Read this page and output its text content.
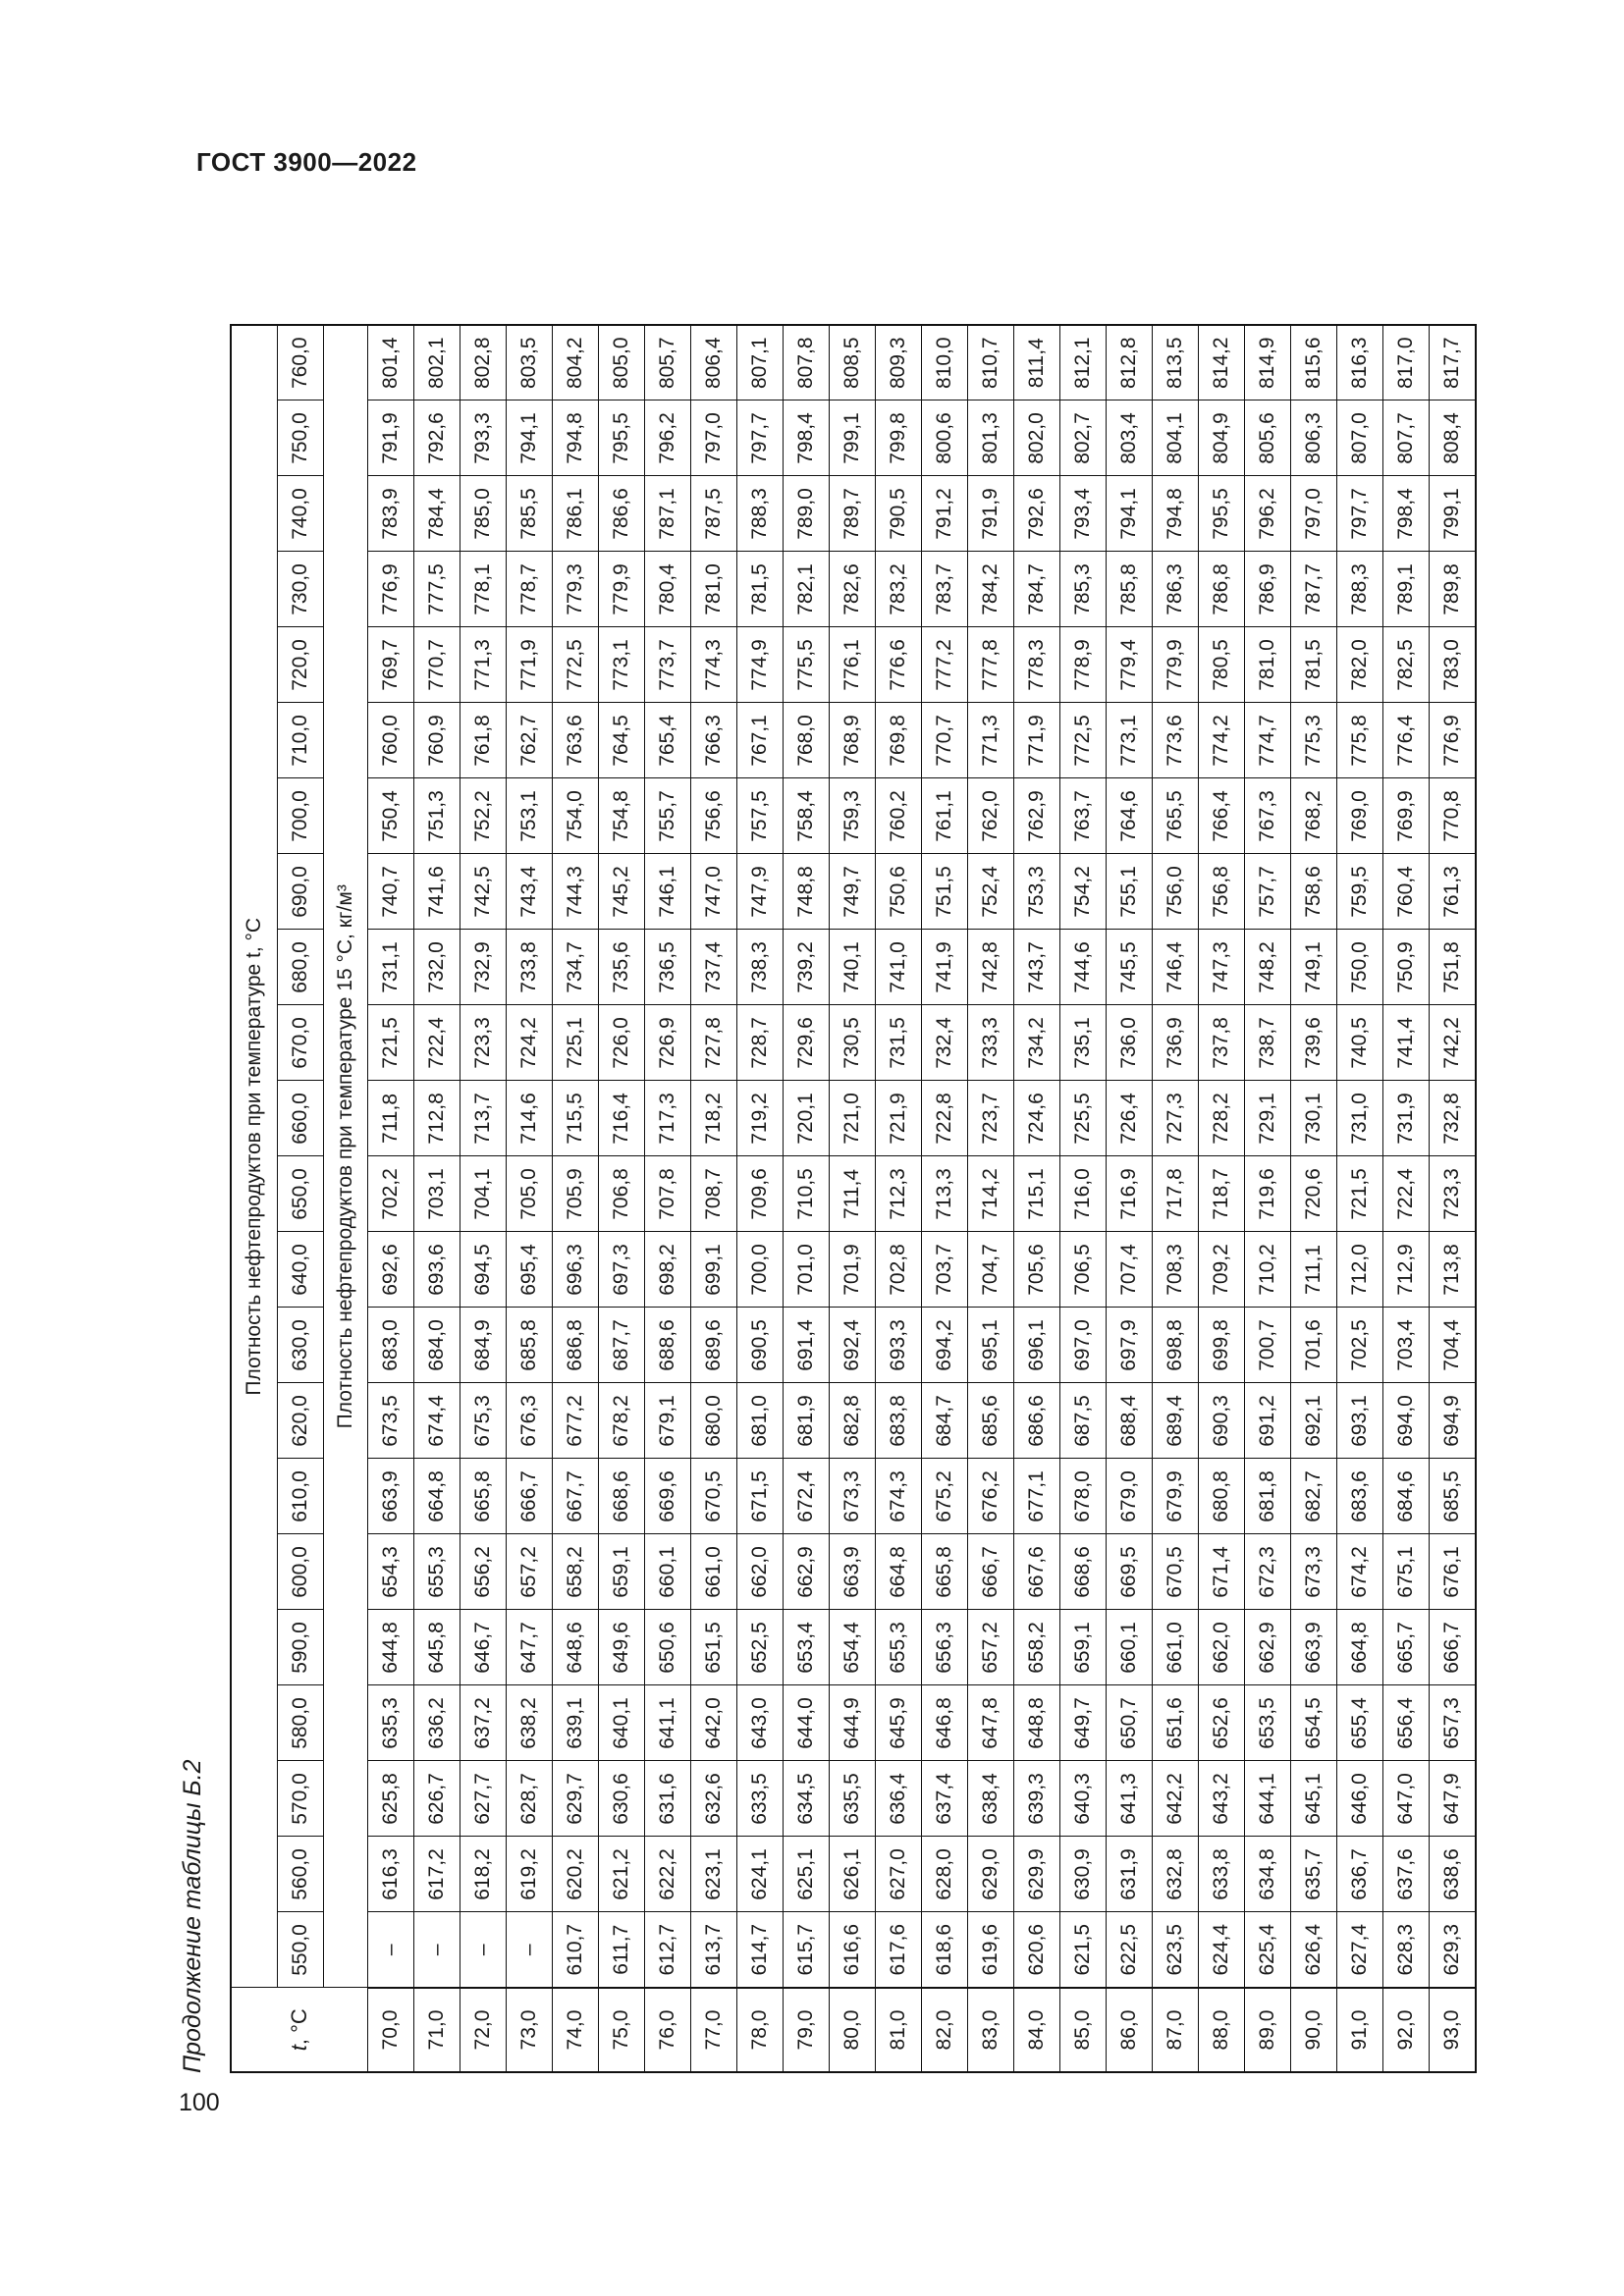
ГОСТ 3900—2022
100
Продолжение таблицы Б.2	t, °C	Плотность нефтепродуктов при температуре t, °C																					
	550,0	560,0	570,0	580,0	590,0	600,0	610,0	620,0	630,0	640,0	650,0	660,0	670,0	680,0	690,0	700,0	710,0	720,0	730,0	740,0	750,0	760,0
	Плотность нефтепродуктов при температуре 15 °C, кг/м³																					
70,0	–	616,3	625,8	635,3	644,8	654,3	663,9	673,5	683,0	692,6	702,2	711,8	721,5	731,1	740,7	750,4	760,0	769,7	776,9	783,9	791,9	801,4
71,0	–	617,2	626,7	636,2	645,8	655,3	664,8	674,4	684,0	693,6	703,1	712,8	722,4	732,0	741,6	751,3	760,9	770,7	777,5	784,4	792,6	802,1
72,0	–	618,2	627,7	637,2	646,7	656,2	665,8	675,3	684,9	694,5	704,1	713,7	723,3	732,9	742,5	752,2	761,8	771,3	778,1	785,0	793,3	802,8
73,0	–	619,2	628,7	638,2	647,7	657,2	666,7	676,3	685,8	695,4	705,0	714,6	724,2	733,8	743,4	753,1	762,7	771,9	778,7	785,5	794,1	803,5
74,0	610,7	620,2	629,7	639,1	648,6	658,2	667,7	677,2	686,8	696,3	705,9	715,5	725,1	734,7	744,3	754,0	763,6	772,5	779,3	786,1	794,8	804,2
75,0	611,7	621,2	630,6	640,1	649,6	659,1	668,6	678,2	687,7	697,3	706,8	716,4	726,0	735,6	745,2	754,8	764,5	773,1	779,9	786,6	795,5	805,0
76,0	612,7	622,2	631,6	641,1	650,6	660,1	669,6	679,1	688,6	698,2	707,8	717,3	726,9	736,5	746,1	755,7	765,4	773,7	780,4	787,1	796,2	805,7
77,0	613,7	623,1	632,6	642,0	651,5	661,0	670,5	680,0	689,6	699,1	708,7	718,2	727,8	737,4	747,0	756,6	766,3	774,3	781,0	787,5	797,0	806,4
78,0	614,7	624,1	633,5	643,0	652,5	662,0	671,5	681,0	690,5	700,0	709,6	719,2	728,7	738,3	747,9	757,5	767,1	774,9	781,5	788,3	797,7	807,1
79,0	615,7	625,1	634,5	644,0	653,4	662,9	672,4	681,9	691,4	701,0	710,5	720,1	729,6	739,2	748,8	758,4	768,0	775,5	782,1	789,0	798,4	807,8
80,0	616,6	626,1	635,5	644,9	654,4	663,9	673,3	682,8	692,4	701,9	711,4	721,0	730,5	740,1	749,7	759,3	768,9	776,1	782,6	789,7	799,1	808,5
81,0	617,6	627,0	636,4	645,9	655,3	664,8	674,3	683,8	693,3	702,8	712,3	721,9	731,5	741,0	750,6	760,2	769,8	776,6	783,2	790,5	799,8	809,3
82,0	618,6	628,0	637,4	646,8	656,3	665,8	675,2	684,7	694,2	703,7	713,3	722,8	732,4	741,9	751,5	761,1	770,7	777,2	783,7	791,2	800,6	810,0
83,0	619,6	629,0	638,4	647,8	657,2	666,7	676,2	685,6	695,1	704,7	714,2	723,7	733,3	742,8	752,4	762,0	771,3	777,8	784,2	791,9	801,3	810,7
84,0	620,6	629,9	639,3	648,8	658,2	667,6	677,1	686,6	696,1	705,6	715,1	724,6	734,2	743,7	753,3	762,9	771,9	778,3	784,7	792,6	802,0	811,4
85,0	621,5	630,9	640,3	649,7	659,1	668,6	678,0	687,5	697,0	706,5	716,0	725,5	735,1	744,6	754,2	763,7	772,5	778,9	785,3	793,4	802,7	812,1
86,0	622,5	631,9	641,3	650,7	660,1	669,5	679,0	688,4	697,9	707,4	716,9	726,4	736,0	745,5	755,1	764,6	773,1	779,4	785,8	794,1	803,4	812,8
87,0	623,5	632,8	642,2	651,6	661,0	670,5	679,9	689,4	698,8	708,3	717,8	727,3	736,9	746,4	756,0	765,5	773,6	779,9	786,3	794,8	804,1	813,5
88,0	624,4	633,8	643,2	652,6	662,0	671,4	680,8	690,3	699,8	709,2	718,7	728,2	737,8	747,3	756,8	766,4	774,2	780,5	786,8	795,5	804,9	814,2
89,0	625,4	634,8	644,1	653,5	662,9	672,3	681,8	691,2	700,7	710,2	719,6	729,1	738,7	748,2	757,7	767,3	774,7	781,0	786,9	796,2	805,6	814,9
90,0	626,4	635,7	645,1	654,5	663,9	673,3	682,7	692,1	701,6	711,1	720,6	730,1	739,6	749,1	758,6	768,2	775,3	781,5	787,7	797,0	806,3	815,6
91,0	627,4	636,7	646,0	655,4	664,8	674,2	683,6	693,1	702,5	712,0	721,5	731,0	740,5	750,0	759,5	769,0	775,8	782,0	788,3	797,7	807,0	816,3
92,0	628,3	637,6	647,0	656,4	665,7	675,1	684,6	694,0	703,4	712,9	722,4	731,9	741,4	750,9	760,4	769,9	776,4	782,5	789,1	798,4	807,7	817,0
93,0	629,3	638,6	647,9	657,3	666,7	676,1	685,5	694,9	704,4	713,8	723,3	732,8	742,2	751,8	761,3	770,8	776,9	783,0	789,8	799,1	808,4	817,7
